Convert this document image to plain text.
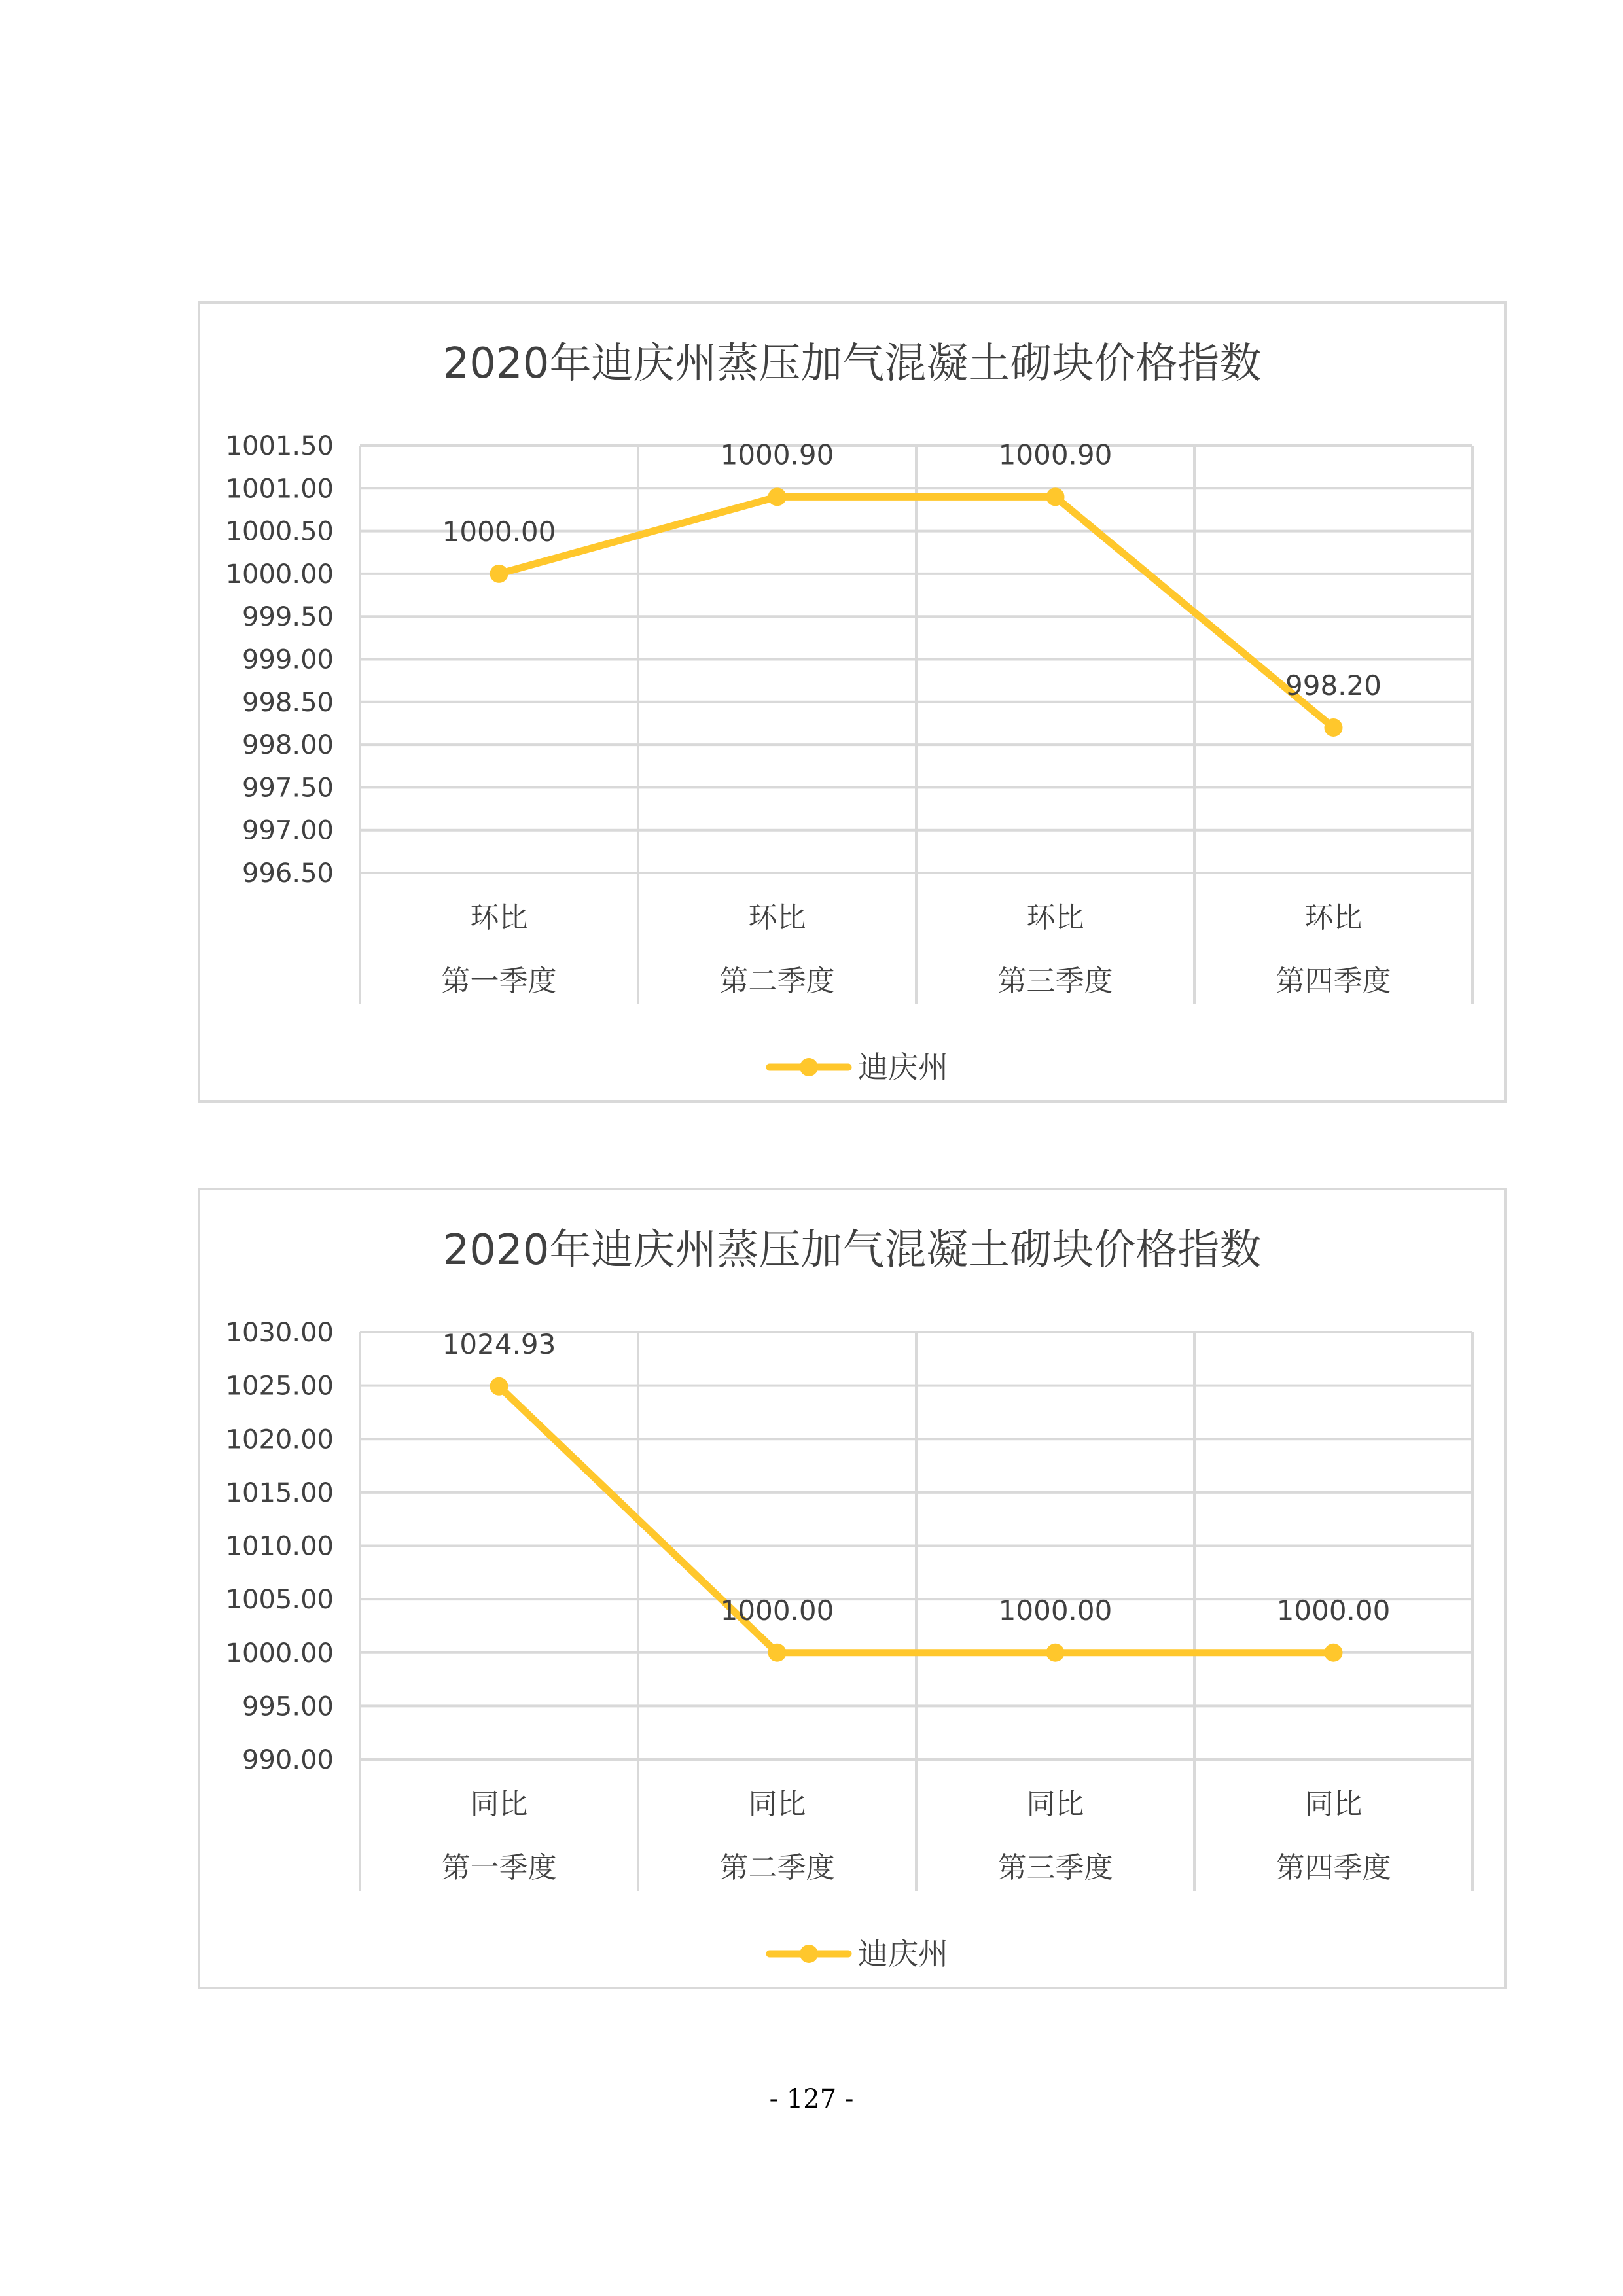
2020年迪庆州蒸压加气混凝土砌块价格指数
996.50
997.00
997.50
998.00
998.50
999.00
999.50
1000.00
1000.50
1001.00
1001.50
环比
第一季度
环比
第二季度
环比
第三季度
环比
第四季度
1000.00
1000.90	1000.90
998.20
迪庆州
2020年迪庆州蒸压加气混凝土砌块价格指数
990.00
995.00
1000.00
1005.00
1010.00
1015.00
1020.00
1025.00
1030.00
同比
第一季度
同比
第二季度
同比
第三季度
同比
第四季度
1024.93
1000.00	1000.00	1000.00
迪庆州
- 127 -
